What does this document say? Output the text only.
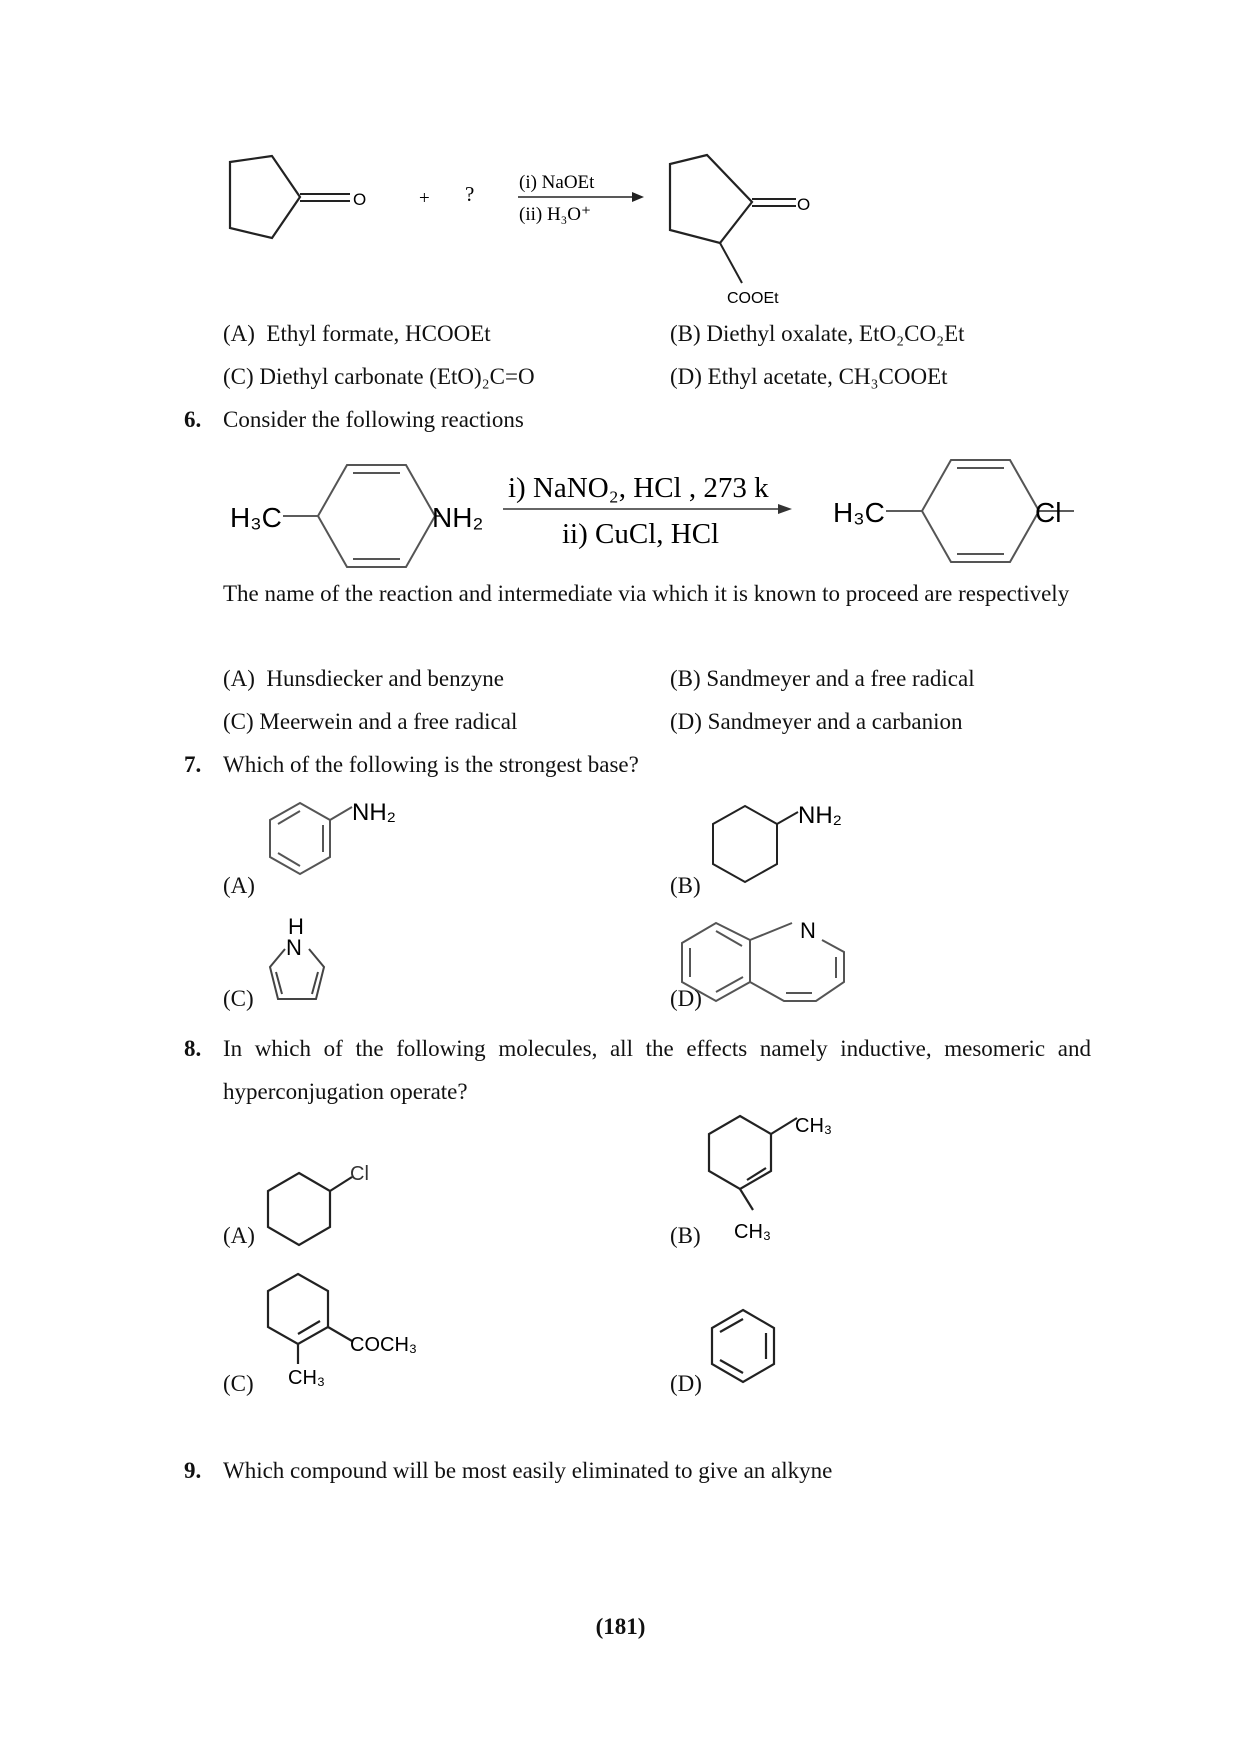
O	+ ? (i) NaOEt
(ii) H₃O⁺	O
COOEt
(A) Ethyl formate, HCOOEt	(B) Diethyl oxalate, EtO₂CO₂Et
(C) Diethyl carbonate (EtO)₂C=O	(D) Ethyl acetate, CH₃COOEt
6. Consider the following reactions
H₃C	NH₂
i) NaNO₂, HCl , 273 k
ii) CuCl, HCl
H₃C	Cl
The name of the reaction and intermediate via which it is known to proceed are respectively
(A) Hunsdiecker and benzyne	(B) Sandmeyer and a free radical
(C) Meerwein and a free radical	(D) Sandmeyer and a carbanion
7. Which of the following is the strongest base?
NH₂	NH₂
H
N
N
(A)	(B)
(C)	(D)
8. In which of the following molecules, all the effects namely inductive, mesomeric and hyperconjugation operate?
Cl
CH₃
CH₃
COCH₃
CH₃
(A)	(B)
(C)	(D)
9. Which compound will be most easily eliminated to give an alkyne
(181)
